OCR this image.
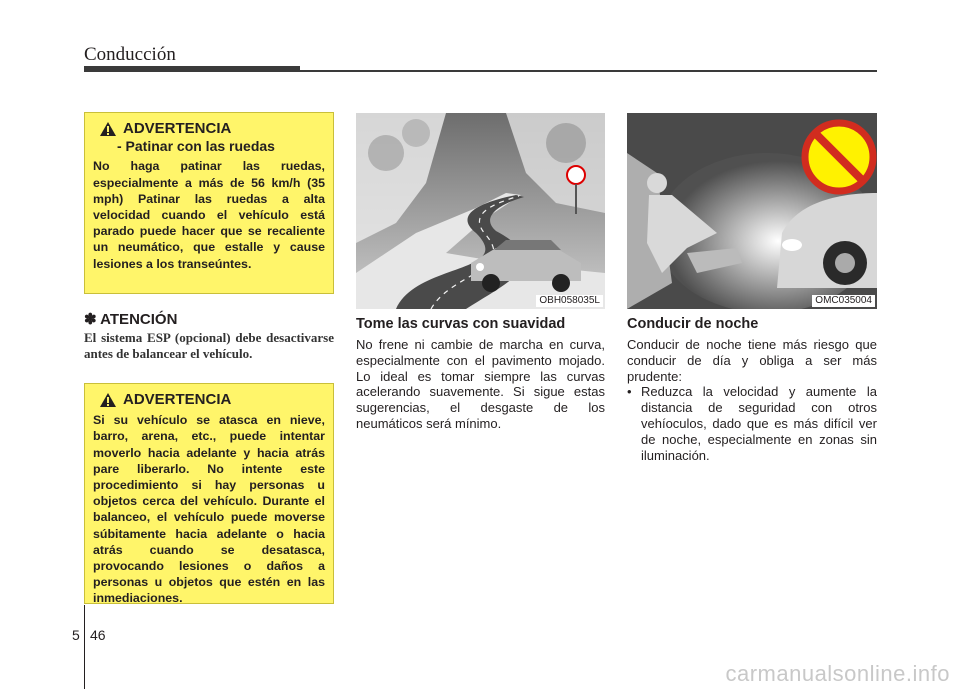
Conducción
ADVERTENCIA
- Patinar con las ruedas
No haga patinar las ruedas, especialmente a más de 56 km/h (35 mph) Patinar las ruedas a alta velocidad cuando el vehículo está parado puede hacer que se recaliente un neumático, que estalle y cause lesiones a los transeúntes.
✽ ATENCIÓN
El sistema ESP (opcional) debe desactivarse antes de balancear el vehículo.
ADVERTENCIA
Si su vehículo se atasca en nieve, barro, arena, etc., puede intentar moverlo hacia adelante y hacia atrás pare liberarlo. No intente este procedimiento si hay personas u objetos cerca del vehículo. Durante el balanceo, el vehículo puede moverse súbitamente hacia adelante o hacia atrás cuando se desatasca, provocando lesiones o daños a personas u objetos que estén en las inmediaciones.
OBH058035L	OMC035004
Tome las curvas con suavidad
No frene ni cambie de marcha en curva, especialmente con el pavimento mojado. Lo ideal es tomar siempre las curvas acelerando suavemente. Si sigue estas sugerencias, el desgaste de los neumáticos será mínimo.
Conducir de noche
Conducir de noche tiene más riesgo que conducir de día y obliga a ser más prudente:
• Reduzca la velocidad y aumente la distancia de seguridad con otros vehíoculos, dado que es más difícil ver de noche, especialmente en zonas sin iluminación.
5 46
carmanualsonline.info
